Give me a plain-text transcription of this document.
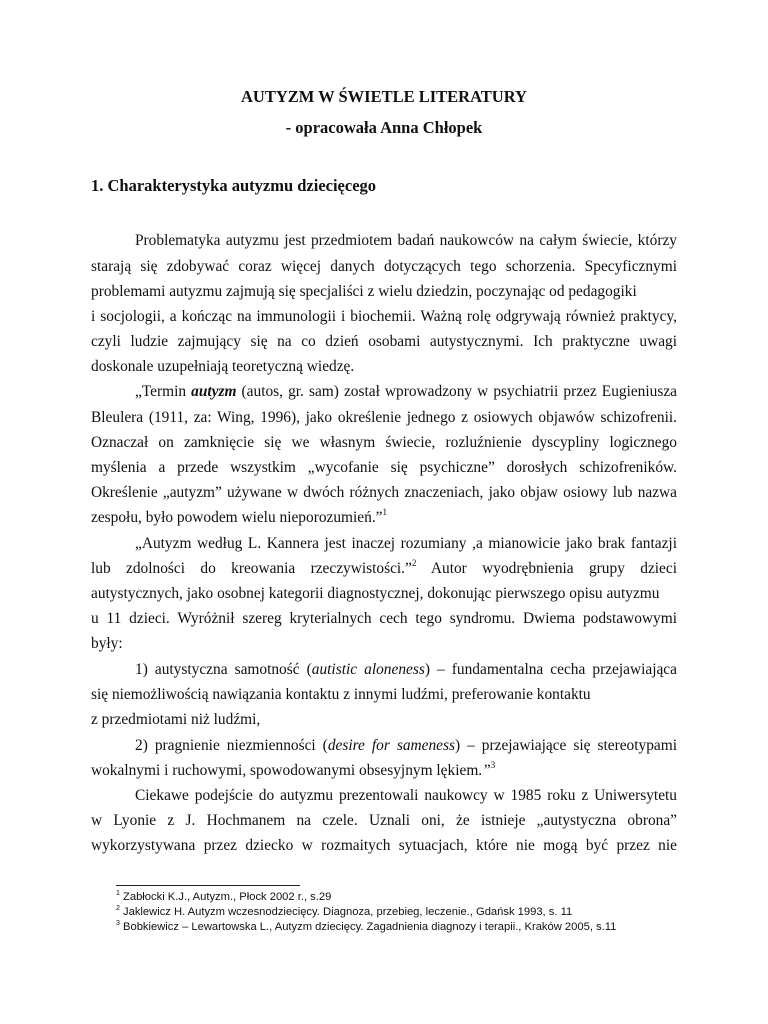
AUTYZM W ŚWIETLE LITERATURY
- opracowała Anna Chłopek
1. Charakterystyka autyzmu dziecięcego
Problematyka autyzmu jest przedmiotem badań naukowców na całym świecie, którzy
starają się zdobywać coraz więcej danych dotyczących tego schorzenia. Specyficznymi
problemami autyzmu zajmują się specjaliści z wielu dziedzin, poczynając od pedagogiki
i socjologii, a kończąc na immunologii i biochemii. Ważną rolę odgrywają również praktycy,
czyli ludzie zajmujący się na co dzień osobami autystycznymi. Ich praktyczne uwagi
doskonale uzupełniają teoretyczną wiedzę.
„Termin autyzm (autos, gr. sam) został wprowadzony w psychiatrii przez Eugieniusza
Bleulera (1911, za: Wing, 1996), jako określenie jednego z osiowych objawów schizofrenii.
Oznaczał on zamknięcie się we własnym świecie, rozluźnienie dyscypliny logicznego
myślenia a przede wszystkim „wycofanie się psychiczne” dorosłych schizofreników.
Określenie „autyzm” używane w dwóch różnych znaczeniach, jako objaw osiowy lub nazwa
zespołu, było powodem wielu nieporozumień.”$^1$
„Autyzm według L. Kannera jest inaczej rozumiany ,a mianowicie jako brak fantazji
lub zdolności do kreowania rzeczywistości.”$^2$ Autor wyodrębnienia grupy dzieci
autystycznych, jako osobnej kategorii diagnostycznej, dokonując pierwszego opisu autyzmu
u 11 dzieci. Wyróżnił szereg kryterialnych cech tego syndromu. Dwiema podstawowymi
były:
1) autystyczna samotność (autistic aloneness) – fundamentalna cecha przejawiająca
się niemożliwością nawiązania kontaktu z innymi ludźmi, preferowanie kontaktu
z przedmiotami niż ludźmi,
2) pragnienie niezmienności (desire for sameness) – przejawiające się stereotypami
wokalnymi i ruchowymi, spowodowanymi obsesyjnym lękiem.”$^3$
Ciekawe podejście do autyzmu prezentowali naukowcy w 1985 roku z Uniwersytetu
w Lyonie z J. Hochmanem na czele. Uznali oni, że istnieje „autystyczna obrona”
wykorzystywana przez dziecko w rozmaitych sytuacjach, które nie mogą być przez nie
$^1$ Zabłocki K.J., Autyzm., Płock 2002 r., s.29
$^2$ Jaklewicz H. Autyzm wczesnodziecięcy. Diagnoza, przebieg, leczenie., Gdańsk 1993, s. 11
$^3$ Bobkiewicz – Lewartowska L., Autyzm dziecięcy. Zagadnienia diagnozy i terapii., Kraków 2005, s.11
